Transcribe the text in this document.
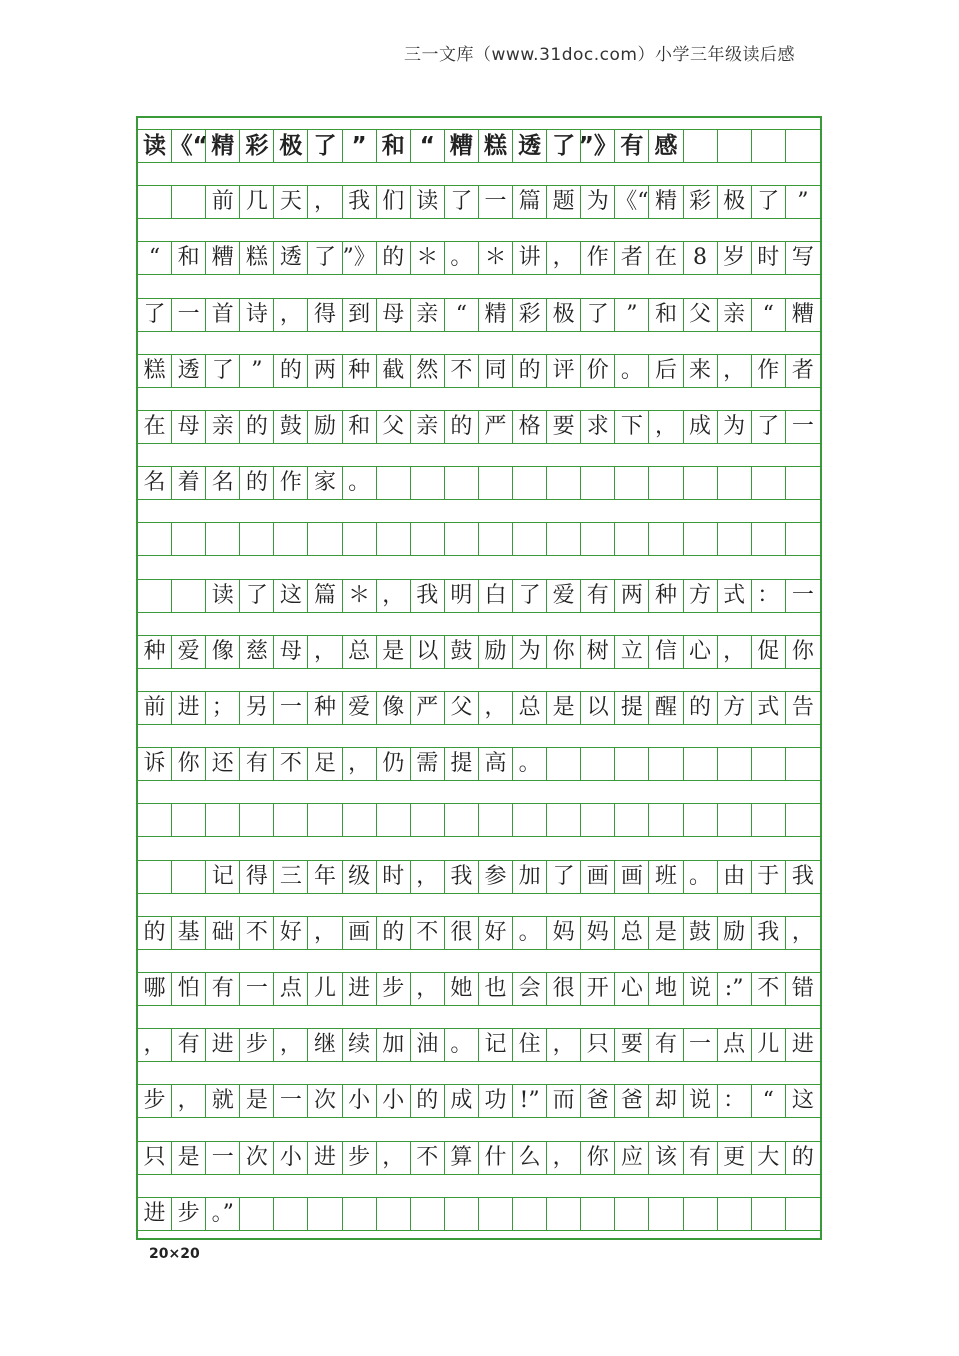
三一文库（www.31doc.com）小学三年级读后感
读 《“ 精 彩 极 了 ” 和 “ 糟 糕 透 了 ”》 有 感
前 几 天 ， 我 们 读 了 一 篇 题 为 《“ 精 彩 极 了 ”
“ 和 糟 糕 透 了 ”》 的 ＊ 。 ＊ 讲 ， 作 者 在 8 岁 时 写
了 一 首 诗 ， 得 到 母 亲 “ 精 彩 极 了 ” 和 父 亲 “ 糟
糕 透 了 ” 的 两 种 截 然 不 同 的 评 价 。 后 来 ， 作 者
在 母 亲 的 鼓 励 和 父 亲 的 严 格 要 求 下 ， 成 为 了 一
名 着 名 的 作 家 。
读 了 这 篇 ＊ ， 我 明 白 了 爱 有 两 种 方 式 ： 一
种 爱 像 慈 母 ， 总 是 以 鼓 励 为 你 树 立 信 心 ， 促 你
前 进 ； 另 一 种 爱 像 严 父 ， 总 是 以 提 醒 的 方 式 告
诉 你 还 有 不 足 ， 仍 需 提 高 。
记 得 三 年 级 时 ， 我 参 加 了 画 画 班 。 由 于 我
的 基 础 不 好 ， 画 的 不 很 好 。 妈 妈 总 是 鼓 励 我 ，
哪 怕 有 一 点 儿 进 步 ， 她 也 会 很 开 心 地 说 :” 不 错
， 有 进 步 ， 继 续 加 油 。 记 住 ， 只 要 有 一 点 儿 进
步 ， 就 是 一 次 小 小 的 成 功 !” 而 爸 爸 却 说 ： “ 这
只 是 一 次 小 进 步 ， 不 算 什 么 ， 你 应 该 有 更 大 的
进 步 。”
20×20
